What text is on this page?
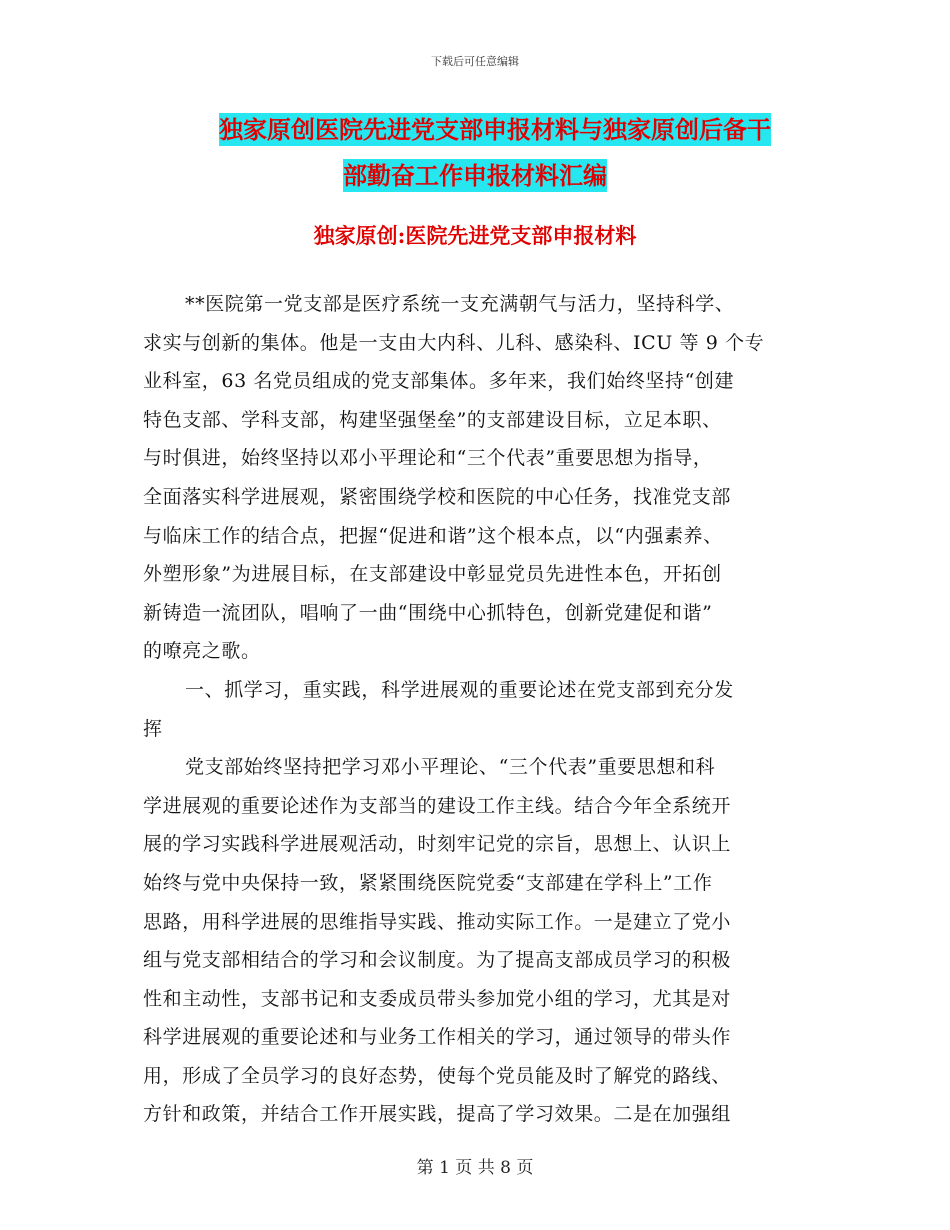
下载后可任意编辑
独家原创医院先进党支部申报材料与独家原创后备干
部勤奋工作申报材料汇编
独家原创:医院先进党支部申报材料
**医院第一党支部是医疗系统一支充满朝气与活力，坚持科学、
求实与创新的集体。他是一支由大内科、儿科、感染科、ICU 等 9 个专
业科室，63 名党员组成的党支部集体。多年来，我们始终坚持“创建
特色支部、学科支部，构建坚强堡垒”的支部建设目标，立足本职、
与时俱进，始终坚持以邓小平理论和“三个代表”重要思想为指导，
全面落实科学进展观，紧密围绕学校和医院的中心任务，找准党支部
与临床工作的结合点，把握“促进和谐”这个根本点，以“内强素养、
外塑形象”为进展目标，在支部建设中彰显党员先进性本色，开拓创
新铸造一流团队，唱响了一曲“围绕中心抓特色，创新党建促和谐”
的嘹亮之歌。
一、抓学习，重实践，科学进展观的重要论述在党支部到充分发
挥
党支部始终坚持把学习邓小平理论、“三个代表”重要思想和科
学进展观的重要论述作为支部当的建设工作主线。结合今年全系统开
展的学习实践科学进展观活动，时刻牢记党的宗旨，思想上、认识上
始终与党中央保持一致，紧紧围绕医院党委“支部建在学科上”工作
思路，用科学进展的思维指导实践、推动实际工作。一是建立了党小
组与党支部相结合的学习和会议制度。为了提高支部成员学习的积极
性和主动性，支部书记和支委成员带头参加党小组的学习，尤其是对
科学进展观的重要论述和与业务工作相关的学习，通过领导的带头作
用，形成了全员学习的良好态势，使每个党员能及时了解党的路线、
方针和政策，并结合工作开展实践，提高了学习效果。二是在加强组
第 1 页 共 8 页
